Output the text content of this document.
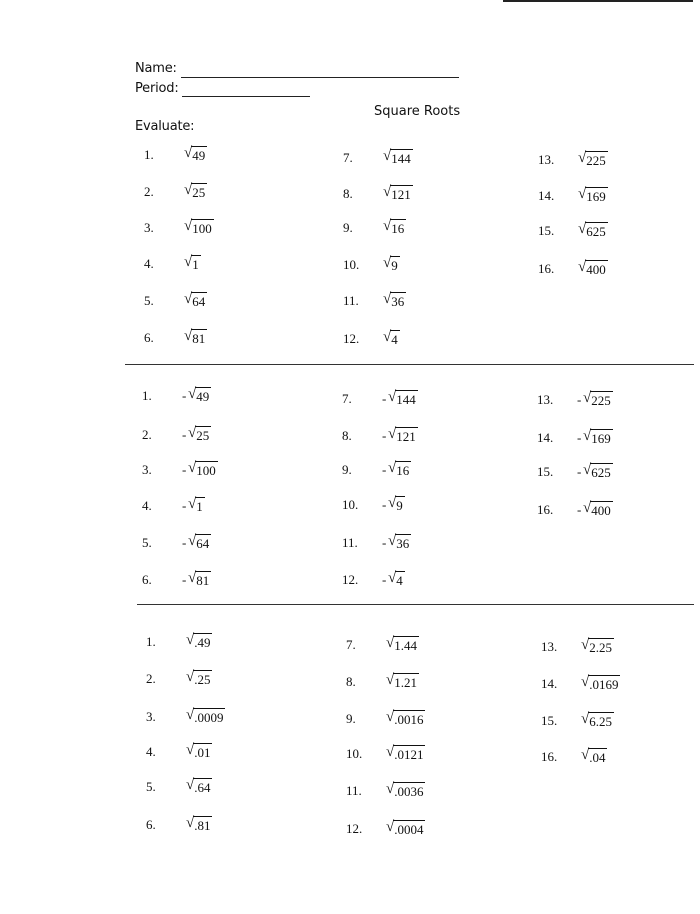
Name:
Period:
Square Roots
Evaluate:
1.	√49
2.	√25
3.	√100
4.	√1
5.	√64
6.	√81
7.	√144
8.	√121
9.	√16
10.	√9
11.	√36
12.	√4
13.	√225
14.	√169
15.	√625
16.	√400
1.	- √49
2.	- √25
3.	- √100
4.	- √1
5.	- √64
6.	- √81
7.	- √144
8.	- √121
9.	- √16
10.	- √9
11.	- √36
12.	- √4
13.	- √225
14.	- √169
15.	- √625
16.	- √400
1.	√.49
2.	√.25
3.	√.0009
4.	√.01
5.	√.64
6.	√.81
7.	√1.44
8.	√1.21
9.	√.0016
10.	√.0121
11.	√.0036
12.	√.0004
13.	√2.25
14.	√.0169
15.	√6.25
16.	√.04
